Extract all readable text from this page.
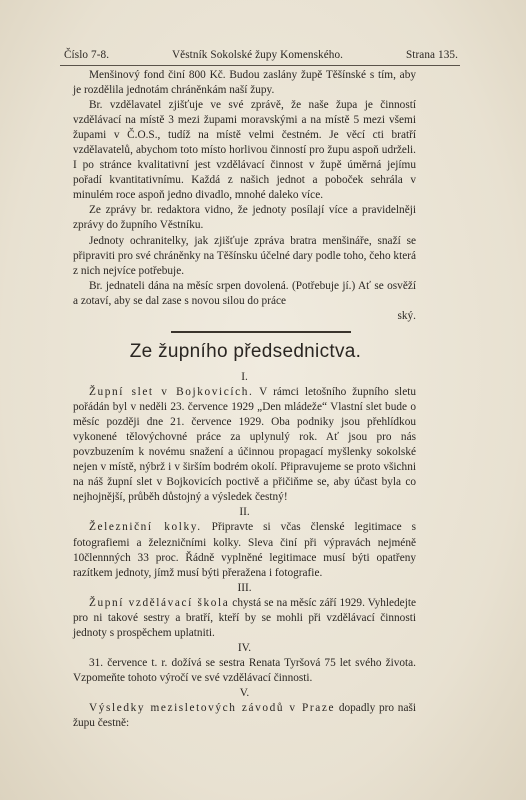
Číslo 7-8.	Věstník Sokolské župy Komenského.	Strana 135.

Menšinový fond činí 800 Kč. Budou zaslány župě Těšínské s tím, aby je rozdělila jednotám chráněnkám naší župy.

Br. vzdělavatel zjišťuje ve své zprávě, že naše župa je činností vzdělávací na místě 3 mezi župami moravskými a na místě 5 mezi všemi župami v Č.O.S., tudíž na místě velmi čestném. Je věcí cti bratří vzdělavatelů, abychom toto místo horlivou činností pro župu aspoň udrželi. I po stránce kvalitativní jest vzdělávací činnost v župě úměrná jejímu pořadí kvantitativnímu. Každá z našich jednot a poboček sehrála v minulém roce aspoň jedno divadlo, mnohé daleko více.

Ze zprávy br. redaktora vidno, že jednoty posílají více a pravidelněji zprávy do župního Věstníku.

Jednoty ochranitelky, jak zjišťuje zpráva bratra menšináře, snaží se připraviti pro své chráněnky na Těšínsku účelné dary podle toho, čeho která z nich nejvíce potřebuje.

Br. jednateli dána na měsíc srpen dovolená. (Potřebuje jí.) Ať se osvěží a zotaví, aby se dal zase s novou silou do práce

ský.

Ze župního předsednictva.

I.

Župní slet v Bojkovicích. V rámci letošního župního sletu pořádán byl v neděli 23. července 1929 „Den mládeže“ Vlastní slet bude o měsíc později dne 21. července 1929. Oba podniky jsou přehlídkou vykonené tělovýchovné práce za uplynulý rok. Ať jsou pro nás povzbuzením k novému snažení a účinnou propagací myšlenky sokolské nejen v místě, nýbrž i v širším bodrém okolí. Připravujeme se proto všichni na náš župní slet v Bojkovicích poctivě a přičiňme se, aby účast byla co nejhojnější, průběh důstojný a výsledek čestný!

II.

Železniční kolky. Připravte si včas členské legitimace s fotografiemi a železničními kolky. Sleva činí při výpravách nejméně 10člennných 33 proc. Řádně vyplněné legitimace musí býti opatřeny razítkem jednoty, jímž musí býti přeražena i fotografie.

III.

Župní vzdělávací škola chystá se na měsíc září 1929. Vyhledejte pro ni takové sestry a bratří, kteří by se mohli při vzdělávací činnosti jednoty s prospěchem uplatniti.

IV.

31. července t. r. dožívá se sestra Renata Tyršová 75 let svého života. Vzpomeňte tohoto výročí ve své vzdělávací činnosti.

V.

Výsledky mezisletových závodů v Praze dopadly pro naši župu čestně:
